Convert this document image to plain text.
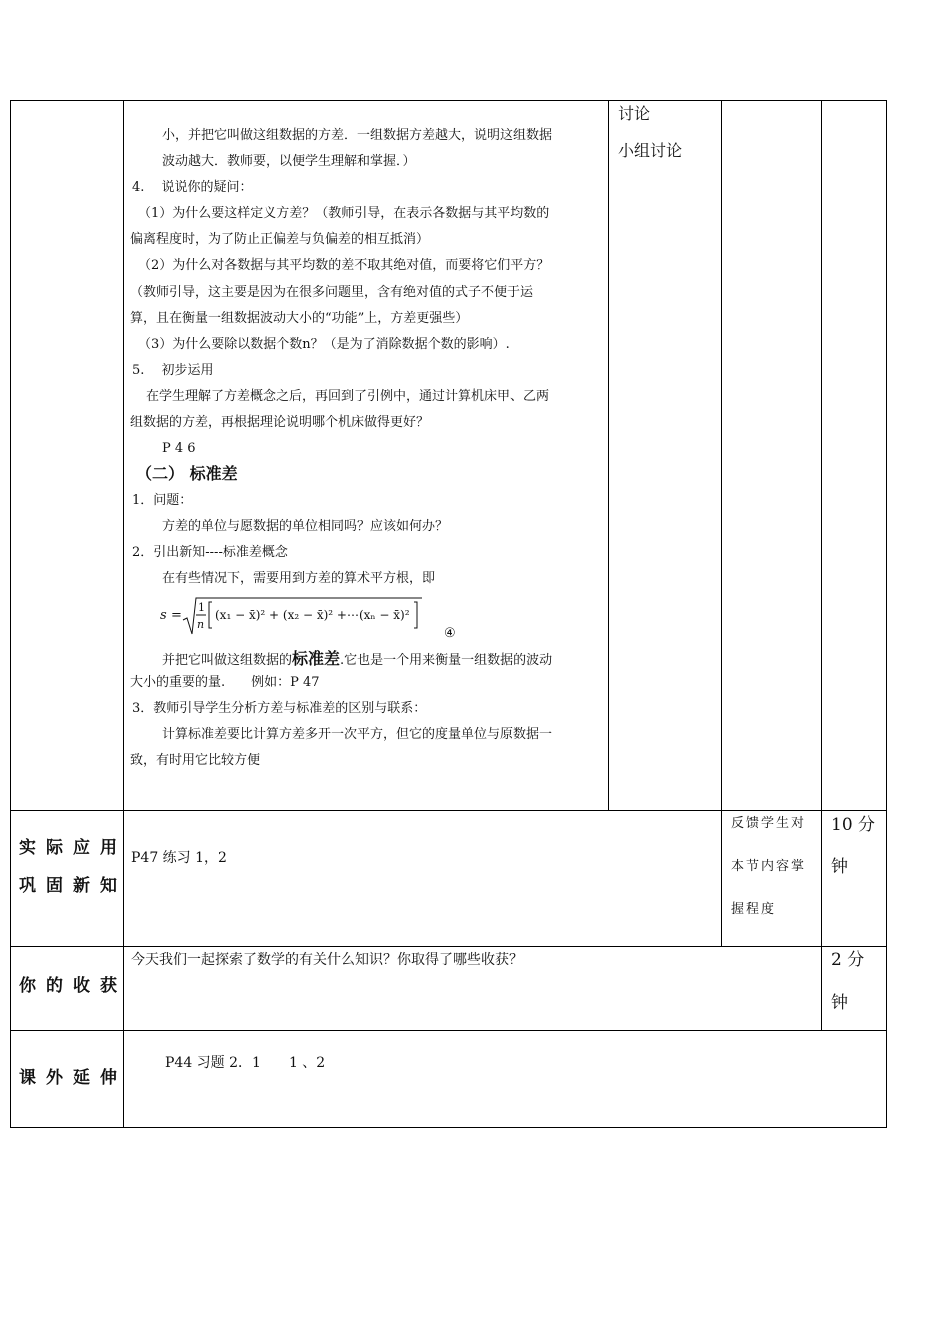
小，并把它叫做这组数据的方差．一组数据方差越大，说明这组数据
波动越大．教师要，以便学生理解和掌握．）
4.　 说说你的疑问：
（1）为什么要这样定义方差？（教师引导，在表示各数据与其平均数的
偏离程度时，为了防止正偏差与负偏差的相互抵消）
（2）为什么对各数据与其平均数的差不取其绝对值，而要将它们平方？
（教师引导，这主要是因为在很多问题里，含有绝对值的式子不便于运
算，且在衡量一组数据波动大小的“功能”上，方差更强些）
（3）为什么要除以数据个数n？（是为了消除数据个数的影响）.
5.　 初步运用
在学生理解了方差概念之后，再回到了引例中，通过计算机床甲、乙两
组数据的方差，再根据理论说明哪个机床做得更好？
P 4 6
（二） 标准差
1．问题：
方差的单位与愿数据的单位相同吗？应该如何办？
2．引出新知----标准差概念
在有些情况下，需要用到方差的算术平方根，即
s =
1
n
(x₁ − x̄)² + (x₂ − x̄)² +⋯(xₙ − x̄)²
④
并把它叫做这组数据的标准差.它也是一个用来衡量一组数据的波动
大小的重要的量.　　例如：P 47
3．教师引导学生分析方差与标准差的区别与联系：
计算标准差要比计算方差多开一次平方，但它的度量单位与原数据一
致，有时用它比较方便
讨论
小组讨论
实际应用
巩固新知
P47 练习 1，2
反馈学生对
本节内容掌
握程度
10 分
钟
你的收获
今天我们一起探索了数学的有关什么知识？你取得了哪些收获？	2 分
钟
课外延伸
P44 习题 2．1　　1 、2
